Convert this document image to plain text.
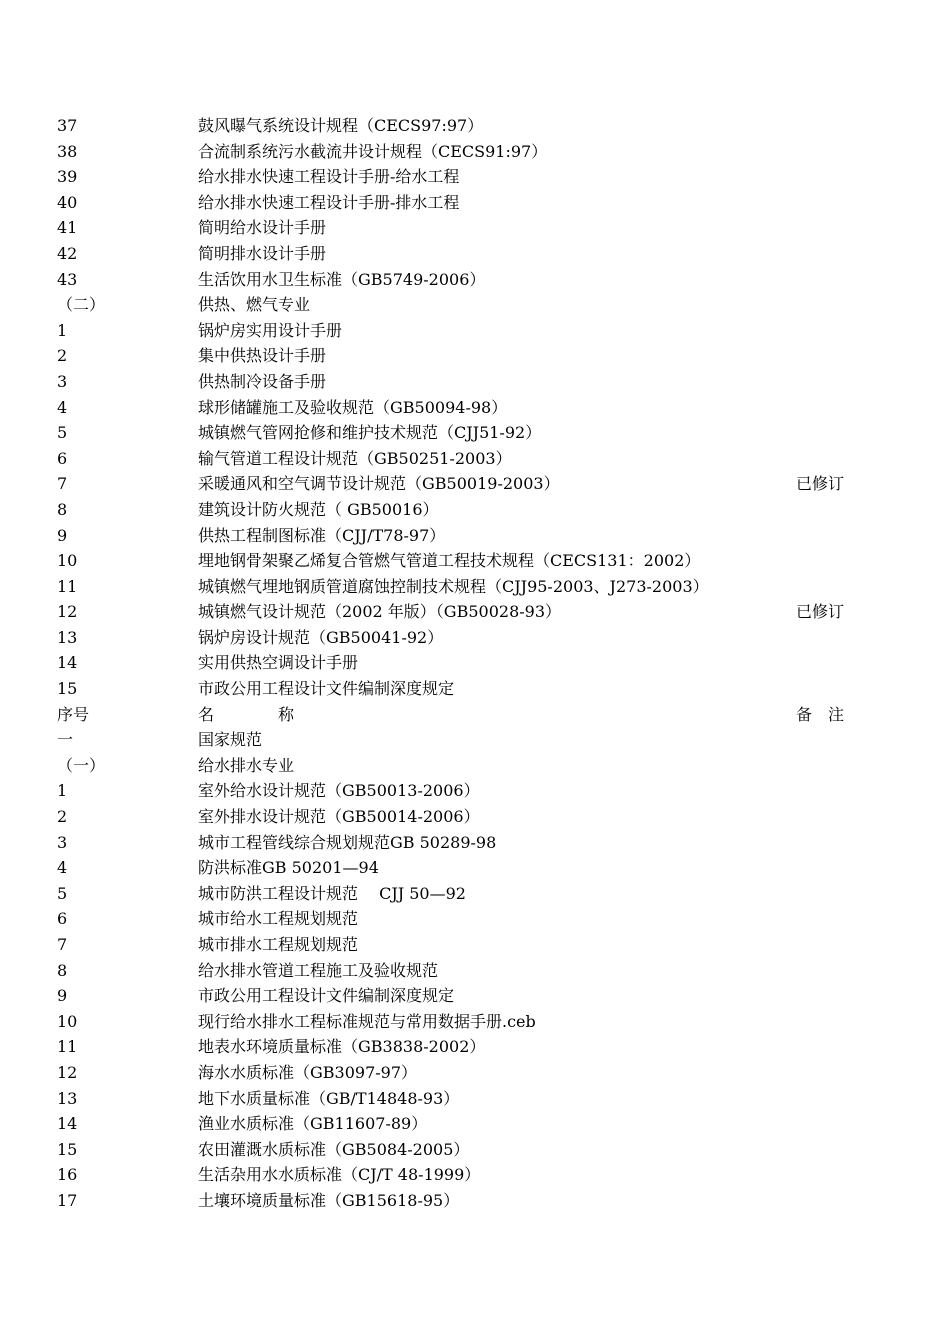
37	鼓风曝气系统设计规程（CECS97:97）
38	合流制系统污水截流井设计规程（CECS91:97）
39	给水排水快速工程设计手册-给水工程
40	给水排水快速工程设计手册-排水工程
41	简明给水设计手册
42	简明排水设计手册
43	生活饮用水卫生标准（GB5749-2006）
（二）	供热、燃气专业
1	锅炉房实用设计手册
2	集中供热设计手册
3	供热制冷设备手册
4	球形储罐施工及验收规范（GB50094-98）
5	城镇燃气管网抢修和维护技术规范（CJJ51-92）
6	输气管道工程设计规范（GB50251-2003）
7	采暖通风和空气调节设计规范（GB50019-2003）	已修订
8	建筑设计防火规范（ GB50016）
9	供热工程制图标准（CJJ/T78-97）
10	埋地钢骨架聚乙烯复合管燃气管道工程技术规程（CECS131：2002）
11	城镇燃气埋地钢质管道腐蚀控制技术规程（CJJ95-2003、J273-2003）
12	城镇燃气设计规范（2002 年版）（GB50028-93）	已修订
13	锅炉房设计规范（GB50041-92）
14	实用供热空调设计手册
15	市政公用工程设计文件编制深度规定
序号	名　　　　称	备　注
一	国家规范
（一）	给水排水专业
1	室外给水设计规范（GB50013-2006）
2	室外排水设计规范（GB50014-2006）
3	城市工程管线综合规划规范GB 50289-98
4	防洪标准GB 50201—94
5	城市防洪工程设计规范　 CJJ 50—92
6	城市给水工程规划规范
7	城市排水工程规划规范
8	给水排水管道工程施工及验收规范
9	市政公用工程设计文件编制深度规定
10	现行给水排水工程标准规范与常用数据手册.ceb
11	地表水环境质量标准（GB3838-2002）
12	海水水质标准（GB3097-97）
13	地下水质量标准（GB/T14848-93）
14	渔业水质标准（GB11607-89）
15	农田灌溉水质标准（GB5084-2005）
16	生活杂用水水质标准（CJ/T 48-1999）
17	土壤环境质量标准（GB15618-95）
